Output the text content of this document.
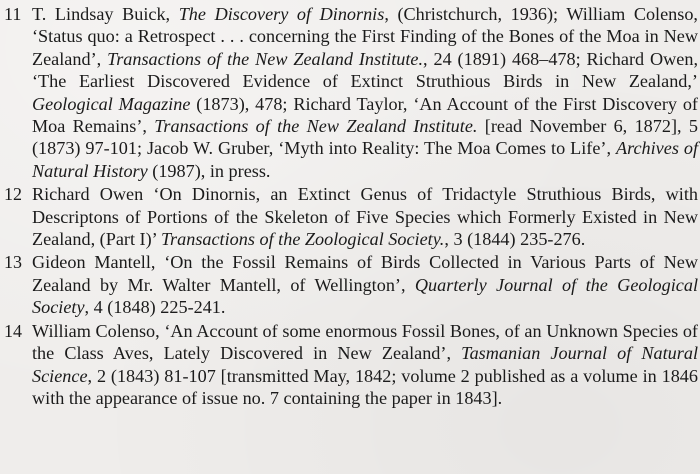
11 T. Lindsay Buick, The Discovery of Dinornis, (Christchurch, 1936); William Colenso, ‘Status quo: a Retrospect . . . concerning the First Finding of the Bones of the Moa in New Zealand’, Transactions of the New Zealand Institute., 24 (1891) 468–478; Richard Owen, ‘The Earliest Discovered Evidence of Extinct Struthious Birds in New Zealand,’ Geological Magazine (1873), 478; Richard Taylor, ‘An Account of the First Discovery of Moa Remains’, Transactions of the New Zealand Institute. [read November 6, 1872], 5 (1873) 97-101; Jacob W. Gruber, ‘Myth into Reality: The Moa Comes to Life’, Archives of Natural History (1987), in press.

12 Richard Owen ‘On Dinornis, an Extinct Genus of Tridactyle Struthious Birds, with Descriptons of Portions of the Skeleton of Five Species which Formerly Existed in New Zealand, (Part I)’ Transactions of the Zoological Society., 3 (1844) 235-276.

13 Gideon Mantell, ‘On the Fossil Remains of Birds Collected in Various Parts of New Zealand by Mr. Walter Mantell, of Wellington’, Quarterly Journal of the Geological Society, 4 (1848) 225-241.

14 William Colenso, ‘An Account of some enormous Fossil Bones, of an Unknown Species of the Class Aves, Lately Discovered in New Zealand’, Tasmanian Journal of Natural Science, 2 (1843) 81-107 [transmitted May, 1842; volume 2 published as a volume in 1846 with the appearance of issue no. 7 containing the paper in 1843].
